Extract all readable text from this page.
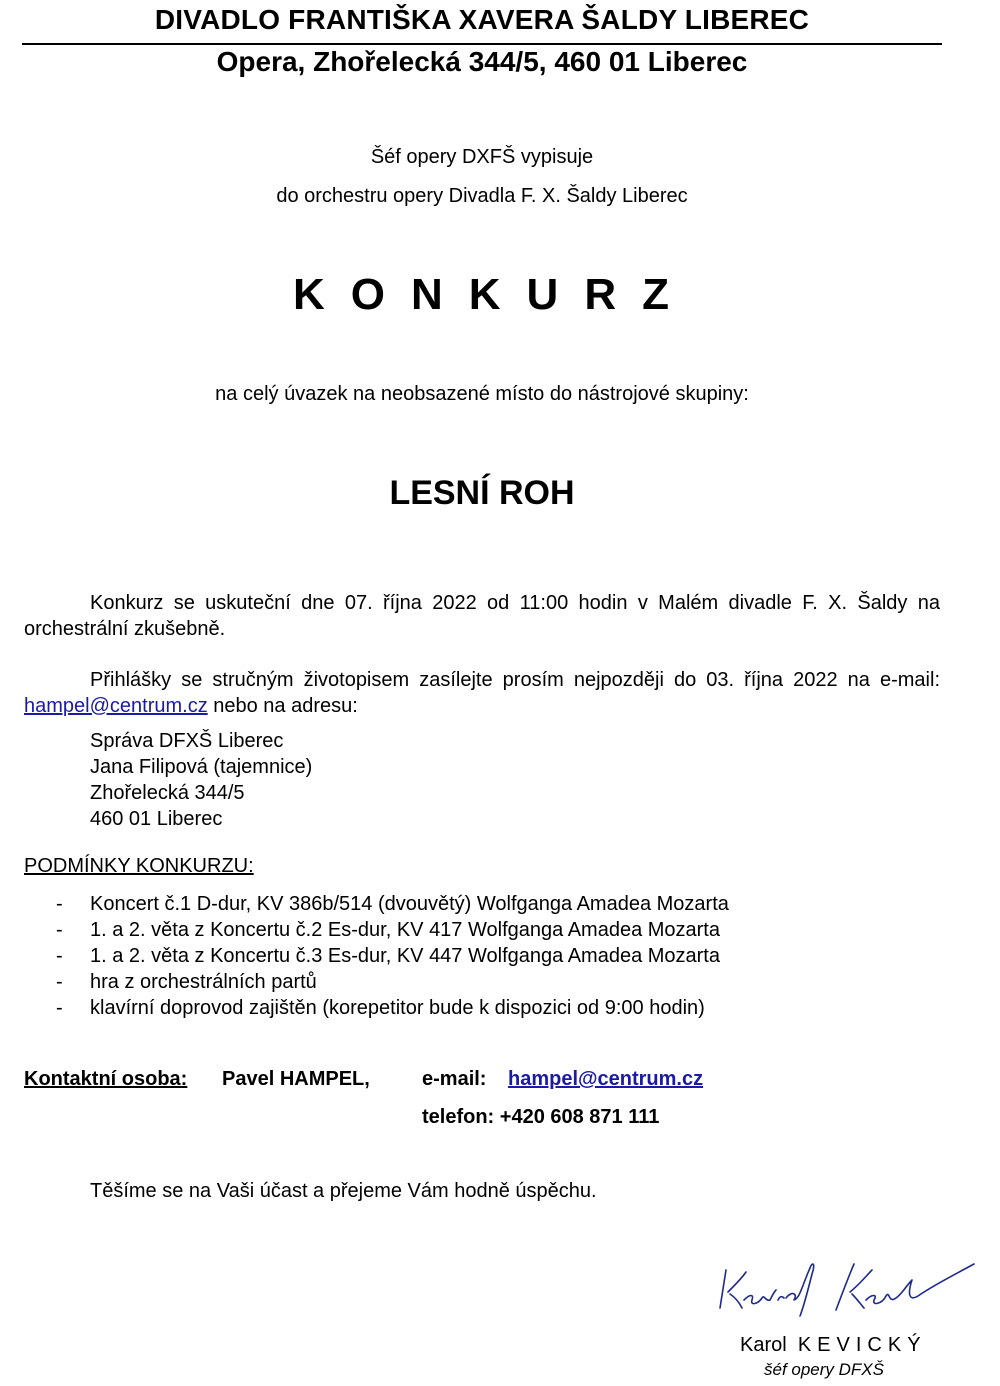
DIVADLO FRANTIŠKA XAVERA ŠALDY LIBEREC
Opera, Zhořelecká 344/5, 460 01 Liberec
Šéf opery DXFŠ vypisuje
do orchestru opery Divadla F. X. Šaldy Liberec
KONKURZ
na celý úvazek na neobsazené místo do nástrojové skupiny:
LESNÍ ROH
Konkurz se uskuteční dne 07. října 2022 od 11:00 hodin v Malém divadle F. X. Šaldy na orchestrální zkušebně.
Přihlášky se stručným životopisem zasílejte prosím nejpozději do 03. října 2022 na e-mail: hampel@centrum.cz nebo na adresu:
Správa DFXŠ Liberec
Jana Filipová (tajemnice)
Zhořelecká 344/5
460 01 Liberec
PODMÍNKY KONKURZU:
- Koncert č.1 D-dur, KV 386b/514 (dvouvětý) Wolfganga Amadea Mozarta
- 1. a 2. věta z Koncertu č.2 Es-dur, KV 417 Wolfganga Amadea Mozarta
- 1. a 2. věta z Koncertu č.3 Es-dur, KV 447 Wolfganga Amadea Mozarta
- hra z orchestrálních partů
- klavírní doprovod zajištěn (korepetitor bude k dispozici od 9:00 hodin)
Kontaktní osoba: Pavel HAMPEL,	e-mail: hampel@centrum.cz
telefon: +420 608 871 111
Těšíme se na Vaši účast a přejeme Vám hodně úspěchu.
Karol KEVICKÝ
šéf opery DFXŠ
